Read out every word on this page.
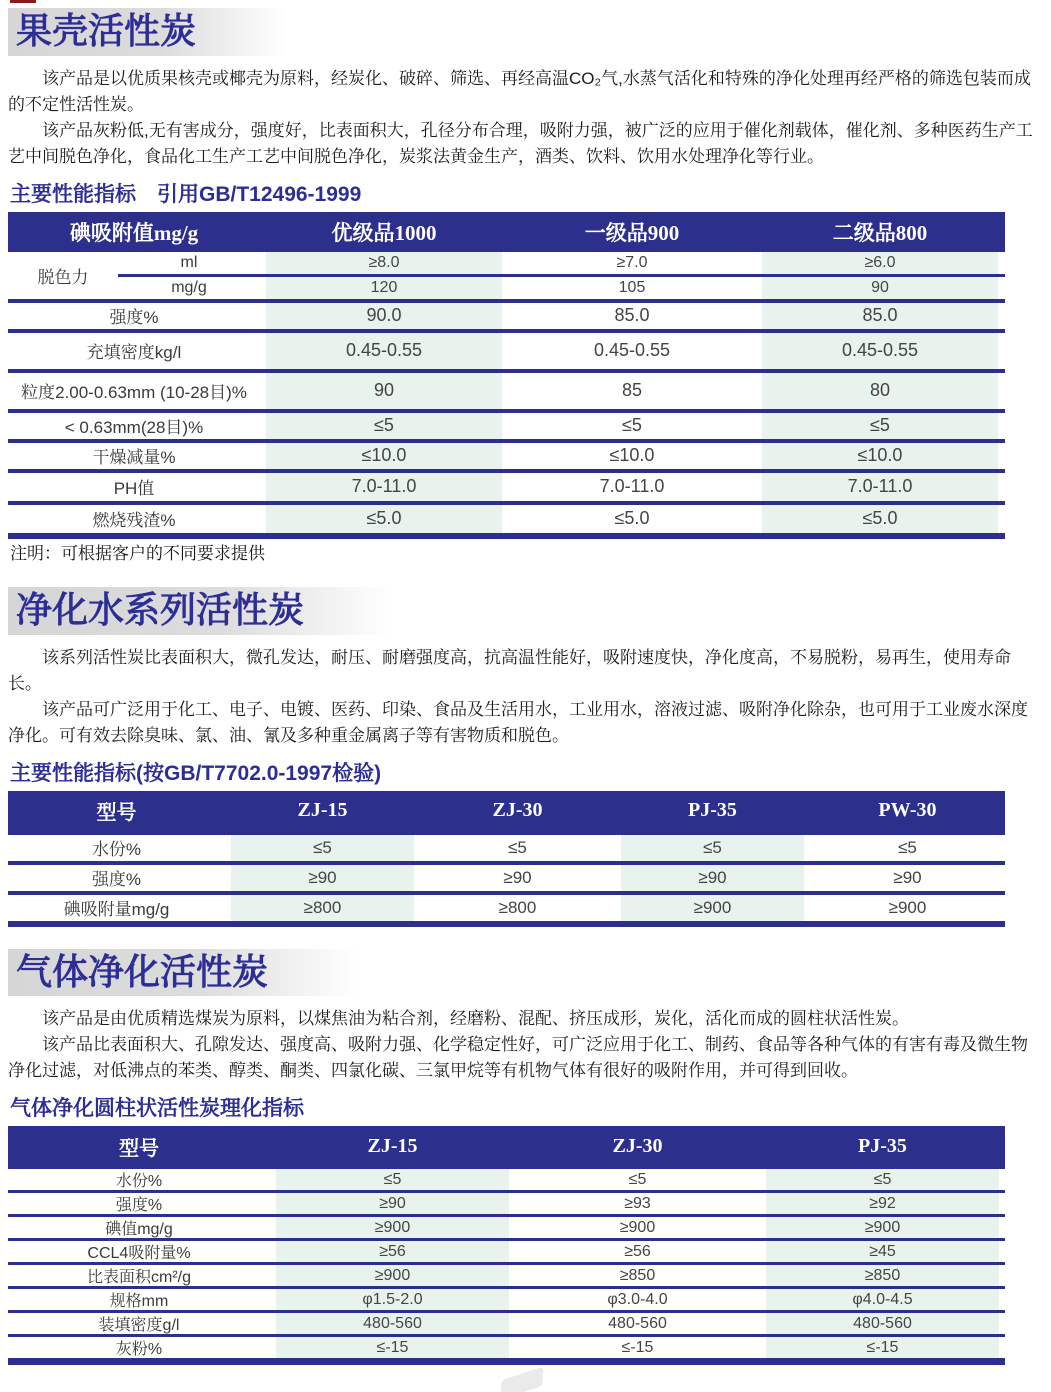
果壳活性炭
该产品是以优质果核壳或椰壳为原料，经炭化、破碎、筛选、再经高温CO₂气,水蒸气活化和特殊的净化处理再经严格的筛选包装而成的不定性活性炭。
该产品灰粉低,无有害成分，强度好，比表面积大，孔径分布合理，吸附力强，被广泛的应用于催化剂载体，催化剂、多种医药生产工艺中间脱色净化，食品化工生产工艺中间脱色净化，炭浆法黄金生产，酒类、饮料、饮用水处理净化等行业。
主要性能指标　引用GB/T12496-1999
碘吸附值mg/g	优级品1000	一级品900	二级品800
脱色力
ml	≥8.0	≥7.0	≥6.0
mg/g	120	105	90
强度%	90.0	85.0	85.0
充填密度kg/l	0.45-0.55	0.45-0.55	0.45-0.55
粒度2.00-0.63mm (10-28目)%	90	85	80
< 0.63mm(28目)%	≤5	≤5	≤5
干燥减量%	≤10.0	≤10.0	≤10.0
PH值	7.0-11.0	7.0-11.0	7.0-11.0
燃烧残渣%	≤5.0	≤5.0	≤5.0
注明：可根据客户的不同要求提供
净化水系列活性炭
该系列活性炭比表面积大，微孔发达，耐压、耐磨强度高，抗高温性能好，吸附速度快，净化度高，不易脱粉，易再生，使用寿命长。
该产品可广泛用于化工、电子、电镀、医药、印染、食品及生活用水，工业用水，溶液过滤、吸附净化除杂，也可用于工业废水深度净化。可有效去除臭味、氯、油、氰及多种重金属离子等有害物质和脱色。
主要性能指标(按GB/T7702.0-1997检验)
型号	ZJ-15	ZJ-30	PJ-35	PW-30
水份%	≤5	≤5	≤5	≤5
强度%	≥90	≥90	≥90	≥90
碘吸附量mg/g	≥800	≥800	≥900	≥900
气体净化活性炭
该产品是由优质精选煤炭为原料，以煤焦油为粘合剂，经磨粉、混配、挤压成形，炭化，活化而成的圆柱状活性炭。
该产品比表面积大、孔隙发达、强度高、吸附力强、化学稳定性好，可广泛应用于化工、制药、食品等各种气体的有害有毒及微生物净化过滤，对低沸点的苯类、醇类、酮类、四氯化碳、三氯甲烷等有机物气体有很好的吸附作用，并可得到回收。
气体净化圆柱状活性炭理化指标
型号	ZJ-15	ZJ-30	PJ-35
水份%	≤5	≤5	≤5
强度%	≥90	≥93	≥92
碘值mg/g	≥900	≥900	≥900
CCL4吸附量%	≥56	≥56	≥45
比表面积cm²/g	≥900	≥850	≥850
规格mm	φ1.5-2.0	φ3.0-4.0	φ4.0-4.5
装填密度g/l	480-560	480-560	480-560
灰粉%	≤-15	≤-15	≤-15
